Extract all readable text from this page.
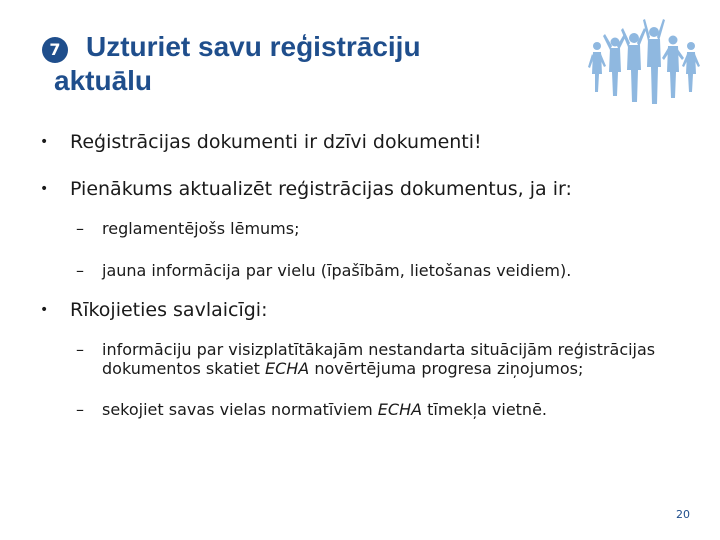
7 Uzturiet savu reģistrāciju
aktuālu
• Reģistrācijas dokumenti ir dzīvi dokumenti!
• Pienākums aktualizēt reģistrācijas dokumentus, ja ir:
– reglamentējošs lēmums;
– jauna informācija par vielu (īpašībām, lietošanas veidiem).
• Rīkojieties savlaicīgi:
– informāciju par visizplatītākajām nestandarta situācijām reģistrācijas dokumentos skatiet ECHA novērtējuma progresa ziņojumos;
– sekojiet savas vielas normatīviem ECHA tīmekļa vietnē.
20
